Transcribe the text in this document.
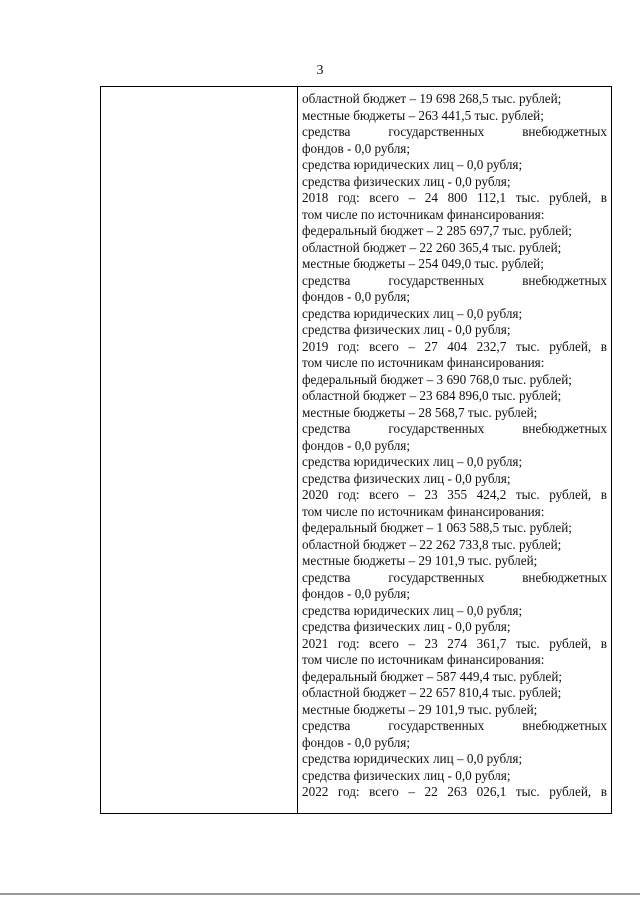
3
областной бюджет – 19 698 268,5 тыс. рублей;
местные бюджеты – 263 441,5 тыс. рублей;
средства государственных внебюджетных
фондов - 0,0 рубля;
средства юридических лиц – 0,0 рубля;
средства физических лиц - 0,0 рубля;
2018 год: всего – 24 800 112,1 тыс. рублей, в
том числе по источникам финансирования:
федеральный бюджет – 2 285 697,7 тыс. рублей;
областной бюджет – 22 260 365,4 тыс. рублей;
местные бюджеты – 254 049,0 тыс. рублей;
средства государственных внебюджетных
фондов - 0,0 рубля;
средства юридических лиц – 0,0 рубля;
средства физических лиц - 0,0 рубля;
2019 год: всего – 27 404 232,7 тыс. рублей, в
том числе по источникам финансирования:
федеральный бюджет – 3 690 768,0 тыс. рублей;
областной бюджет – 23 684 896,0 тыс. рублей;
местные бюджеты – 28 568,7 тыс. рублей;
средства государственных внебюджетных
фондов - 0,0 рубля;
средства юридических лиц – 0,0 рубля;
средства физических лиц - 0,0 рубля;
2020 год: всего – 23 355 424,2 тыс. рублей, в
том числе по источникам финансирования:
федеральный бюджет – 1 063 588,5 тыс. рублей;
областной бюджет – 22 262 733,8 тыс. рублей;
местные бюджеты – 29 101,9 тыс. рублей;
средства государственных внебюджетных
фондов - 0,0 рубля;
средства юридических лиц – 0,0 рубля;
средства физических лиц - 0,0 рубля;
2021 год: всего – 23 274 361,7 тыс. рублей, в
том числе по источникам финансирования:
федеральный бюджет – 587 449,4 тыс. рублей;
областной бюджет – 22 657 810,4 тыс. рублей;
местные бюджеты – 29 101,9 тыс. рублей;
средства государственных внебюджетных
фондов - 0,0 рубля;
средства юридических лиц – 0,0 рубля;
средства физических лиц - 0,0 рубля;
2022 год: всего – 22 263 026,1 тыс. рублей, в
